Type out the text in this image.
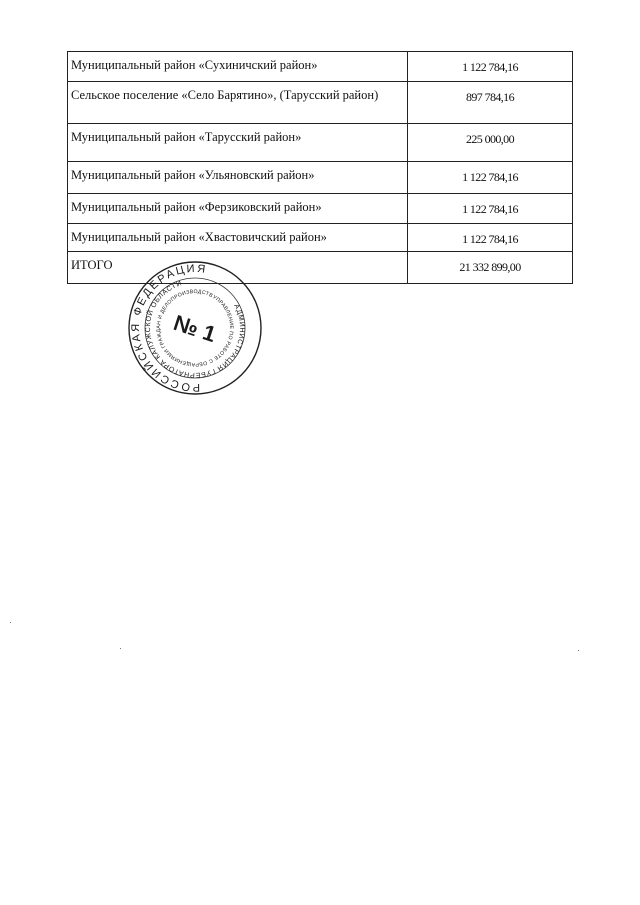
Муниципальный район «Сухиничский район»	1 122 784,16
Сельское поселение «Село Барятино», (Тарусский район)	897 784,16
Муниципальный район «Тарусский район»	225 000,00
Муниципальный район «Ульяновский район»	1 122 784,16
Муниципальный район «Ферзиковский район»	1 122 784,16
Муниципальный район «Хвастовичский район»	1 122 784,16
ИТОГО	21 332 899,00
РОССИЙСКАЯ ФЕДЕРАЦИЯ
АДМИНИСТРАЦИЯ ГУБЕРНАТОРА КАЛУЖСКОЙ ОБЛАСТИ
УПРАВЛЕНИЕ ПО РАБОТЕ С ОБРАЩЕНИЯМИ ГРАЖДАН И ДЕЛОПРОИЗВОДСТВА
№ 1
